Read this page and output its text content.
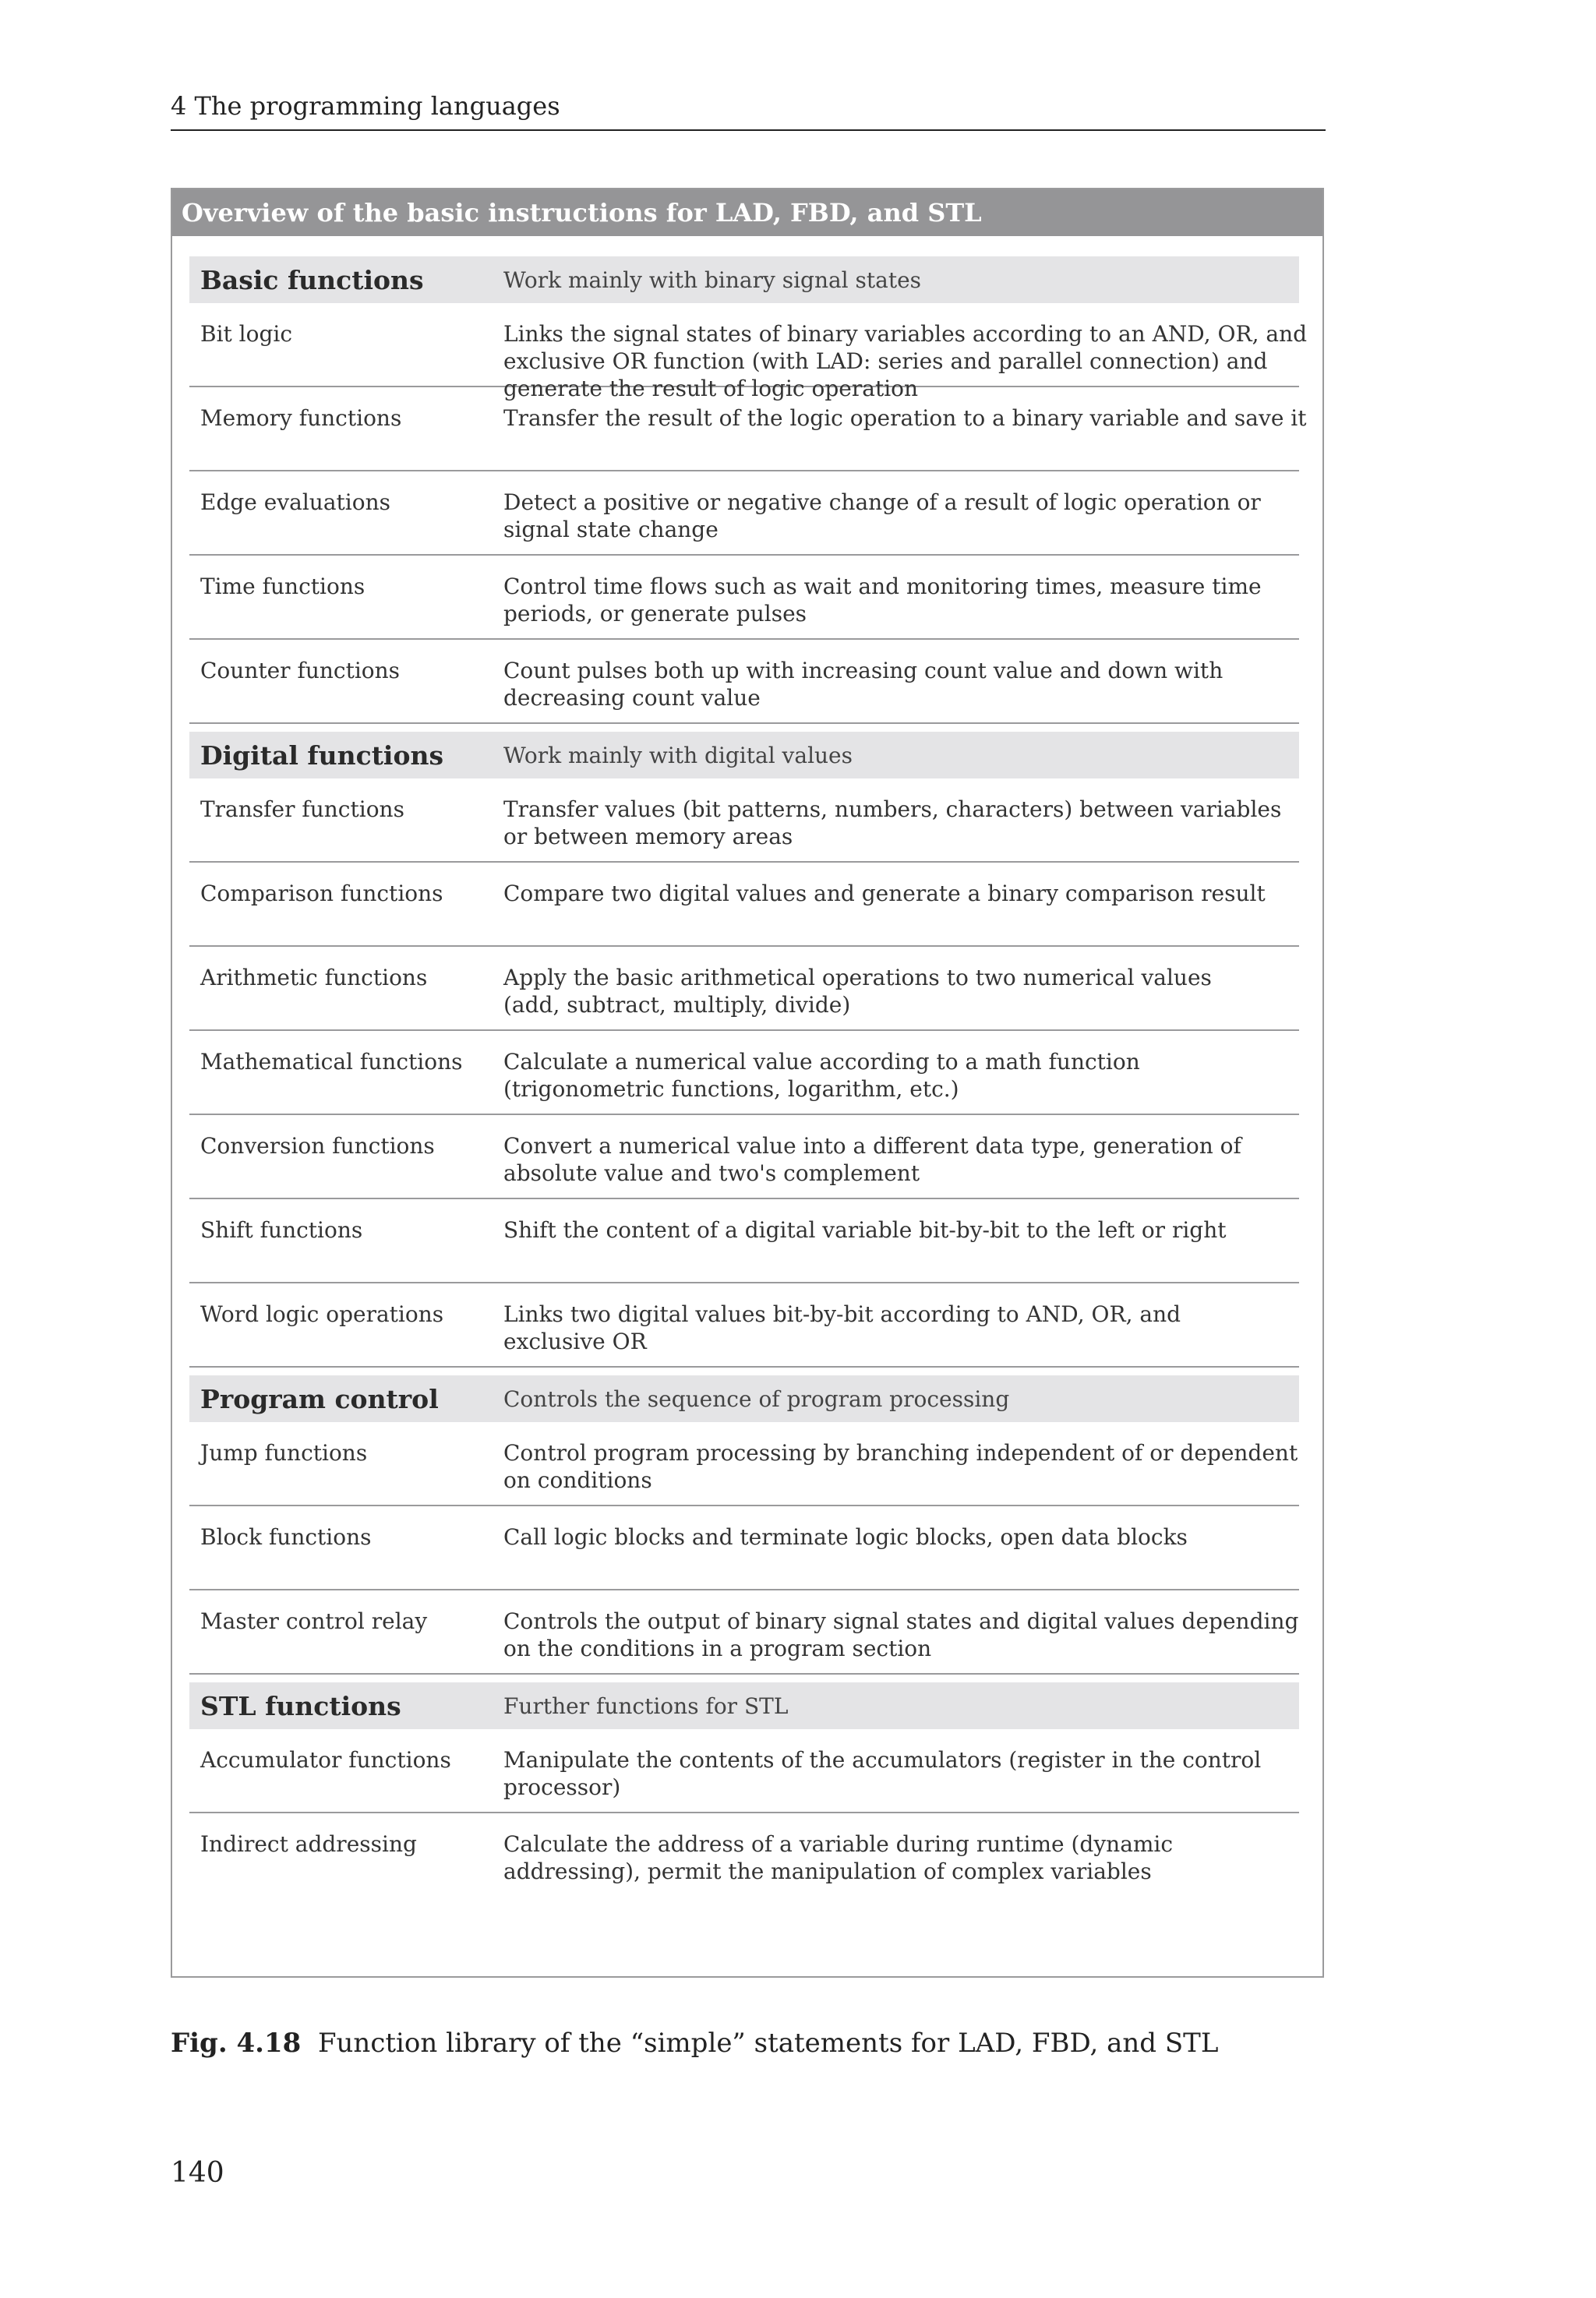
4 The programming languages
Overview of the basic instructions for LAD, FBD, and STL
Basic functions	Work mainly with binary signal states
Bit logic	Links the signal states of binary variables according to an AND, OR, and
exclusive OR function (with LAD: series and parallel connection) and
generate the result of logic operation
Memory functions	Transfer the result of the logic operation to a binary variable and save it
Edge evaluations	Detect a positive or negative change of a result of logic operation or
signal state change
Time functions	Control time flows such as wait and monitoring times, measure time
periods, or generate pulses
Counter functions	Count pulses both up with increasing count value and down with
decreasing count value
Digital functions	Work mainly with digital values
Transfer functions	Transfer values (bit patterns, numbers, characters) between variables
or between memory areas
Comparison functions	Compare two digital values and generate a binary comparison result
Arithmetic functions	Apply the basic arithmetical operations to two numerical values
(add, subtract, multiply, divide)
Mathematical functions	Calculate a numerical value according to a math function
(trigonometric functions, logarithm, etc.)
Conversion functions	Convert a numerical value into a different data type, generation of
absolute value and two's complement
Shift functions	Shift the content of a digital variable bit-by-bit to the left or right
Word logic operations	Links two digital values bit-by-bit according to AND, OR, and
exclusive OR
Program control	Controls the sequence of program processing
Jump functions	Control program processing by branching independent of or dependent
on conditions
Block functions	Call logic blocks and terminate logic blocks, open data blocks
Master control relay	Controls the output of binary signal states and digital values depending
on the conditions in a program section
STL functions	Further functions for STL
Accumulator functions	Manipulate the contents of the accumulators (register in the control
processor)
Indirect addressing	Calculate the address of a variable during runtime (dynamic
addressing), permit the manipulation of complex variables
Fig. 4.18 Function library of the “simple” statements for LAD, FBD, and STL
140
